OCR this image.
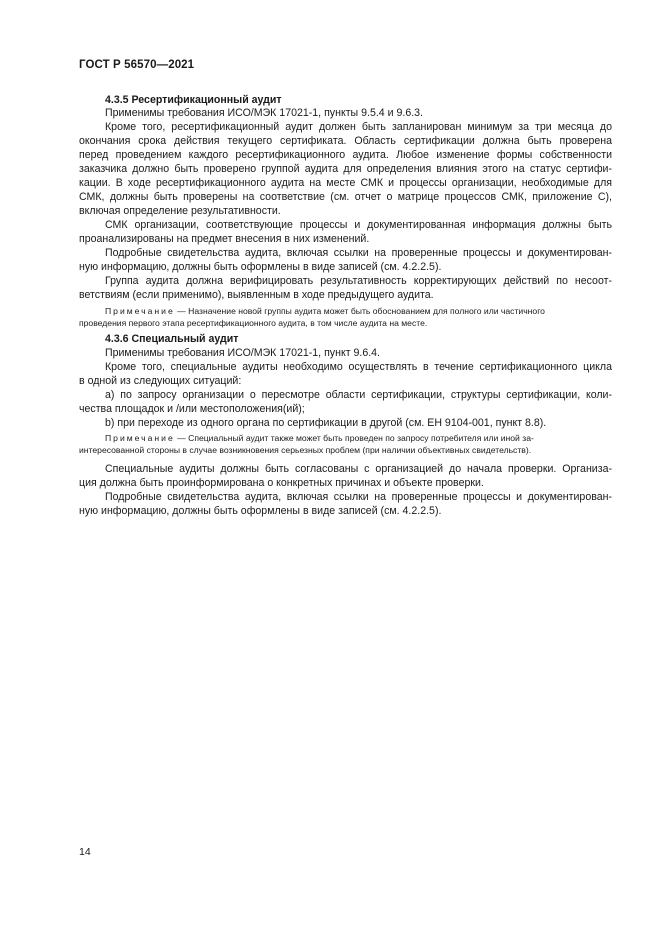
ГОСТ Р 56570—2021
4.3.5 Ресертификационный аудит
Применимы требования ИСО/МЭК 17021-1, пункты 9.5.4 и 9.6.3.
Кроме того, ресертификационный аудит должен быть запланирован минимум за три месяца до
окончания срока действия текущего сертификата. Область сертификации должна быть проверена
перед проведением каждого ресертификационного аудита. Любое изменение формы собственности
заказчика должно быть проверено группой аудита для определения влияния этого на статус сертифи-
кации. В ходе ресертификационного аудита на месте СМК и процессы организации, необходимые для
СМК, должны быть проверены на соответствие (см. отчет о матрице процессов СМК, приложение С),
включая определение результативности.
СМК организации, соответствующие процессы и документированная информация должны быть
проанализированы на предмет внесения в них изменений.
Подробные свидетельства аудита, включая ссылки на проверенные процессы и документирован-
ную информацию, должны быть оформлены в виде записей (см. 4.2.2.5).
Группа аудита должна верифицировать результативность корректирующих действий по несоот-
ветствиям (если применимо), выявленным в ходе предыдущего аудита.
Примечание — Назначение новой группы аудита может быть обоснованием для полного или частичного
проведения первого этапа ресертификационного аудита, в том числе аудита на месте.
4.3.6 Специальный аудит
Применимы требования ИСО/МЭК 17021-1, пункт 9.6.4.
Кроме того, специальные аудиты необходимо осуществлять в течение сертификационного цикла
в одной из следующих ситуаций:
a) по запросу организации о пересмотре области сертификации, структуры сертификации, коли-
чества площадок и /или местоположения(ий);
b) при переходе из одного органа по сертификации в другой (см. ЕН 9104-001, пункт 8.8).
Примечание — Специальный аудит также может быть проведен по запросу потребителя или иной за-
интересованной стороны в случае возникновения серьезных проблем (при наличии объективных свидетельств).
Специальные аудиты должны быть согласованы с организацией до начала проверки. Организа-
ция должна быть проинформирована о конкретных причинах и объекте проверки.
Подробные свидетельства аудита, включая ссылки на проверенные процессы и документирован-
ную информацию, должны быть оформлены в виде записей (см. 4.2.2.5).
14
